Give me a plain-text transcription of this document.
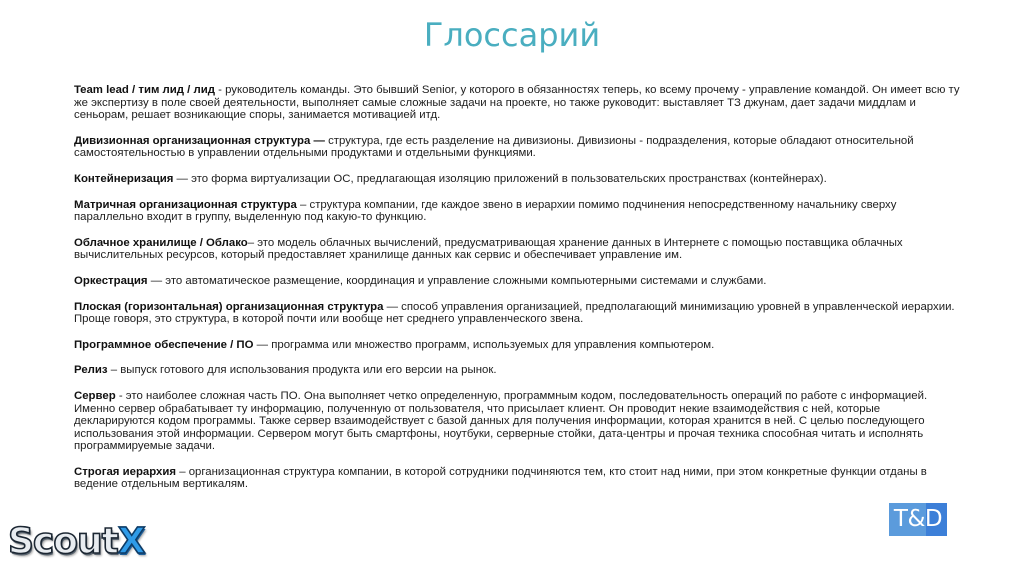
Глоссарий

Team lead / тим лид / лид - руководитель команды. Это бывший Senior, у которого в обязанностях теперь, ко всему прочему - управление командой. Он имеет всю ту же экспертизу в поле своей деятельности, выполняет самые сложные задачи на проекте, но также руководит: выставляет ТЗ джунам, дает задачи миддлам и сеньорам, решает возникающие споры, занимается мотивацией итд.

Дивизионная организационная структура — структура, где есть разделение на дивизионы. Дивизионы - подразделения, которые обладают относительной самостоятельностью в управлении отдельными продуктами и отдельными функциями.

Контейнеризация — это форма виртуализации ОС, предлагающая изоляцию приложений в пользовательских пространствах (контейнерах).

Матричная организационная структура – структура компании, где каждое звено в иерархии помимо подчинения непосредственному начальнику сверху параллельно входит в группу, выделенную под какую-то функцию.

Облачное хранилище / Облако– это модель облачных вычислений, предусматривающая хранение данных в Интернете с помощью поставщика облачных вычислительных ресурсов, который предоставляет хранилище данных как сервис и обеспечивает управление им.

Оркестрация — это автоматическое размещение, координация и управление сложными компьютерными системами и службами.

Плоская (горизонтальная) организационная структура — способ управления организацией, предполагающий минимизацию уровней в управленческой иерархии. Проще говоря, это структура, в которой почти или вообще нет среднего управленческого звена.

Программное обеспечение / ПО — программа или множество программ, используемых для управления компьютером.

Релиз – выпуск готового для использования продукта или его версии на рынок.

Сервер - это наиболее сложная часть ПО. Она выполняет четко определенную, программным кодом, последовательность операций по работе с информацией. Именно сервер обрабатывает ту информацию, полученную от пользователя, что присылает клиент. Он проводит некие взаимодействия с ней, которые декларируются кодом программы. Также сервер взаимодействует с базой данных для получения информации, которая хранится в ней. С целью последующего использования этой информации. Сервером могут быть смартфоны, ноутбуки, серверные стойки, дата-центры и прочая техника способная читать и исполнять программируемые задачи.

Строгая иерархия – организационная структура компании, в которой сотрудники подчиняются тем, кто стоит над ними, при этом конкретные функции отданы в ведение отдельным вертикалям.

ScoutX
T&D
